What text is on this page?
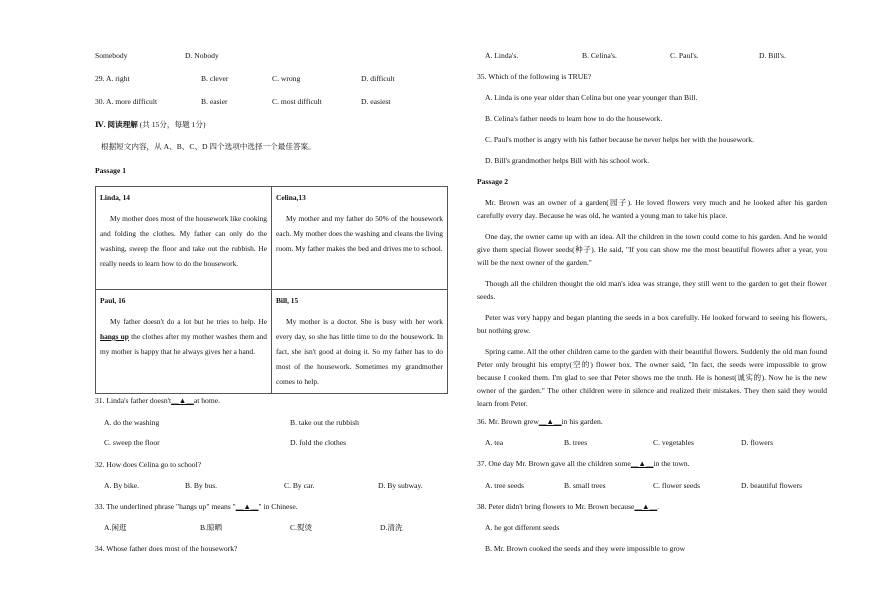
Somebody	D. Nobody
29. A. right	B. clever	C. wrong	D. difficult
30. A. more difficult	B. easier	C. most difficult	D. easiest
Ⅳ. 阅读理解 (共 15分，每题 1分)
根据短文内容，从 A、B、C、D 四个选项中选择一个最佳答案。
Passage 1
Linda, 14
My mother does most of the housework like cooking and folding the clothes. My father can only do the washing, sweep the floor and take out the rubbish. He really needs to learn how to do the housework.	Celina,13
My mother and my father do 50% of the housework each. My mother does the washing and cleans the living room. My father makes the bed and drives me to school.

Paul, 16
My father doesn't do a lot but he tries to help. He hangs up the clothes after my mother washes them and my mother is happy that he always gives her a hand.	Bill, 15
My mother is a doctor. She is busy with her work every day, so she has little time to do the housework. In fact, she isn't good at doing it. So my father has to do most of the housework. Sometimes my grandmother comes to help.
31. Linda's father doesn't__▲__at home.
A. do the washing	B. take out the rubbish
C. sweep the floor	D. fold the clothes
32. How does Celina go to school?
A. By bike.	B. By bus.	C. By car.	D. By subway.
33. The underlined phrase "hangs up" means "__▲__" in Chinese.
A.闲逛	B.晾晒	C.熨烫	D.清洗
34. Whose father does most of the housework?
A. Linda's.	B. Celina's.	C. Paul's.	D. Bill's.
35. Which of the following is TRUE?
A. Linda is one year older than Celina but one year younger than Bill.
B. Celina's father needs to learn how to do the housework.
C. Paul's mother is angry with his father because he never helps her with the housework.
D. Bill's grandmother helps Bill with his school work.
Passage 2
Mr. Brown was an owner of a garden(园子). He loved flowers very much and he looked after his garden carefully every day. Because he was old, he wanted a young man to take his place.
One day, the owner came up with an idea. All the children in the town could come to his garden. And he would give them special flower seeds(种子). He said, "If you can show me the most beautiful flowers after a year, you will be the next owner of the garden."
Though all the children thought the old man's idea was strange, they still went to the garden to get their flower seeds.
Peter was very happy and began planting the seeds in a box carefully. He looked forward to seeing his flowers, but nothing grew.
Spring came. All the other children came to the garden with their beautiful flowers. Suddenly the old man found Peter only brought his empty(空的) flower box. The owner said, "In fact, the seeds were impossible to grow because I cooked them. I'm glad to see that Peter shows me the truth. He is honest(诚实的). Now he is the new owner of the garden." The other children were in silence and realized their mistakes. They then said they would learn from Peter.
36. Mr. Brown grew__▲__in his garden.
A. tea	B. trees	C. vegetables	D. flowers
37. One day Mr. Brown gave all the children some__▲__in the town.
A. tree seeds	B. small trees	C. flower seeds	D. beautiful flowers
38. Peter didn't bring flowers to Mr. Brown because__▲__.
A. he got different seeds
B. Mr. Brown cooked the seeds and they were impossible to grow
